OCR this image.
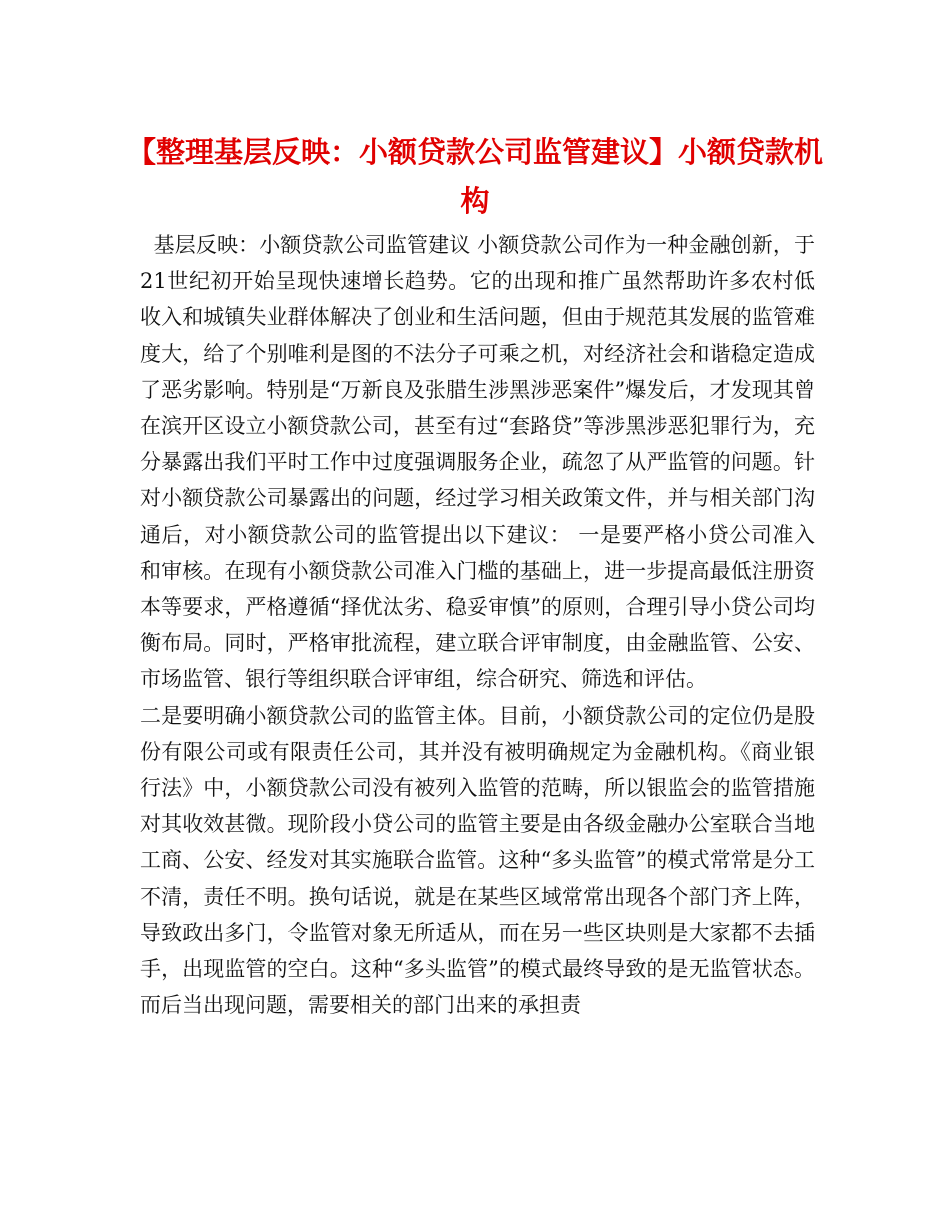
【整理基层反映：小额贷款公司监管建议】小额贷款机构

基层反映：小额贷款公司监管建议 小额贷款公司作为一种金融创新，于21世纪初开始呈现快速增长趋势。它的出现和推广虽然帮助许多农村低收入和城镇失业群体解决了创业和生活问题，但由于规范其发展的监管难度大，给了个别唯利是图的不法分子可乘之机，对经济社会和谐稳定造成了恶劣影响。特别是“万新良及张腊生涉黑涉恶案件”爆发后，才发现其曾在滨开区设立小额贷款公司，甚至有过“套路贷”等涉黑涉恶犯罪行为，充分暴露出我们平时工作中过度强调服务企业，疏忽了从严监管的问题。针对小额贷款公司暴露出的问题，经过学习相关政策文件，并与相关部门沟通后，对小额贷款公司的监管提出以下建议： 一是要严格小贷公司准入和审核。在现有小额贷款公司准入门槛的基础上，进一步提高最低注册资本等要求，严格遵循“择优汰劣、稳妥审慎”的原则，合理引导小贷公司均衡布局。同时，严格审批流程，建立联合评审制度，由金融监管、公安、市场监管、银行等组织联合评审组，综合研究、筛选和评估。

二是要明确小额贷款公司的监管主体。目前，小额贷款公司的定位仍是股份有限公司或有限责任公司，其并没有被明确规定为金融机构。《商业银行法》中，小额贷款公司没有被列入监管的范畴，所以银监会的监管措施对其收效甚微。现阶段小贷公司的监管主要是由各级金融办公室联合当地工商、公安、经发对其实施联合监管。这种“多头监管”的模式常常是分工不清，责任不明。换句话说，就是在某些区域常常出现各个部门齐上阵，导致政出多门，令监管对象无所适从，而在另一些区块则是大家都不去插手，出现监管的空白。这种“多头监管”的模式最终导致的是无监管状态。而后当出现问题，需要相关的部门出来的承担责
